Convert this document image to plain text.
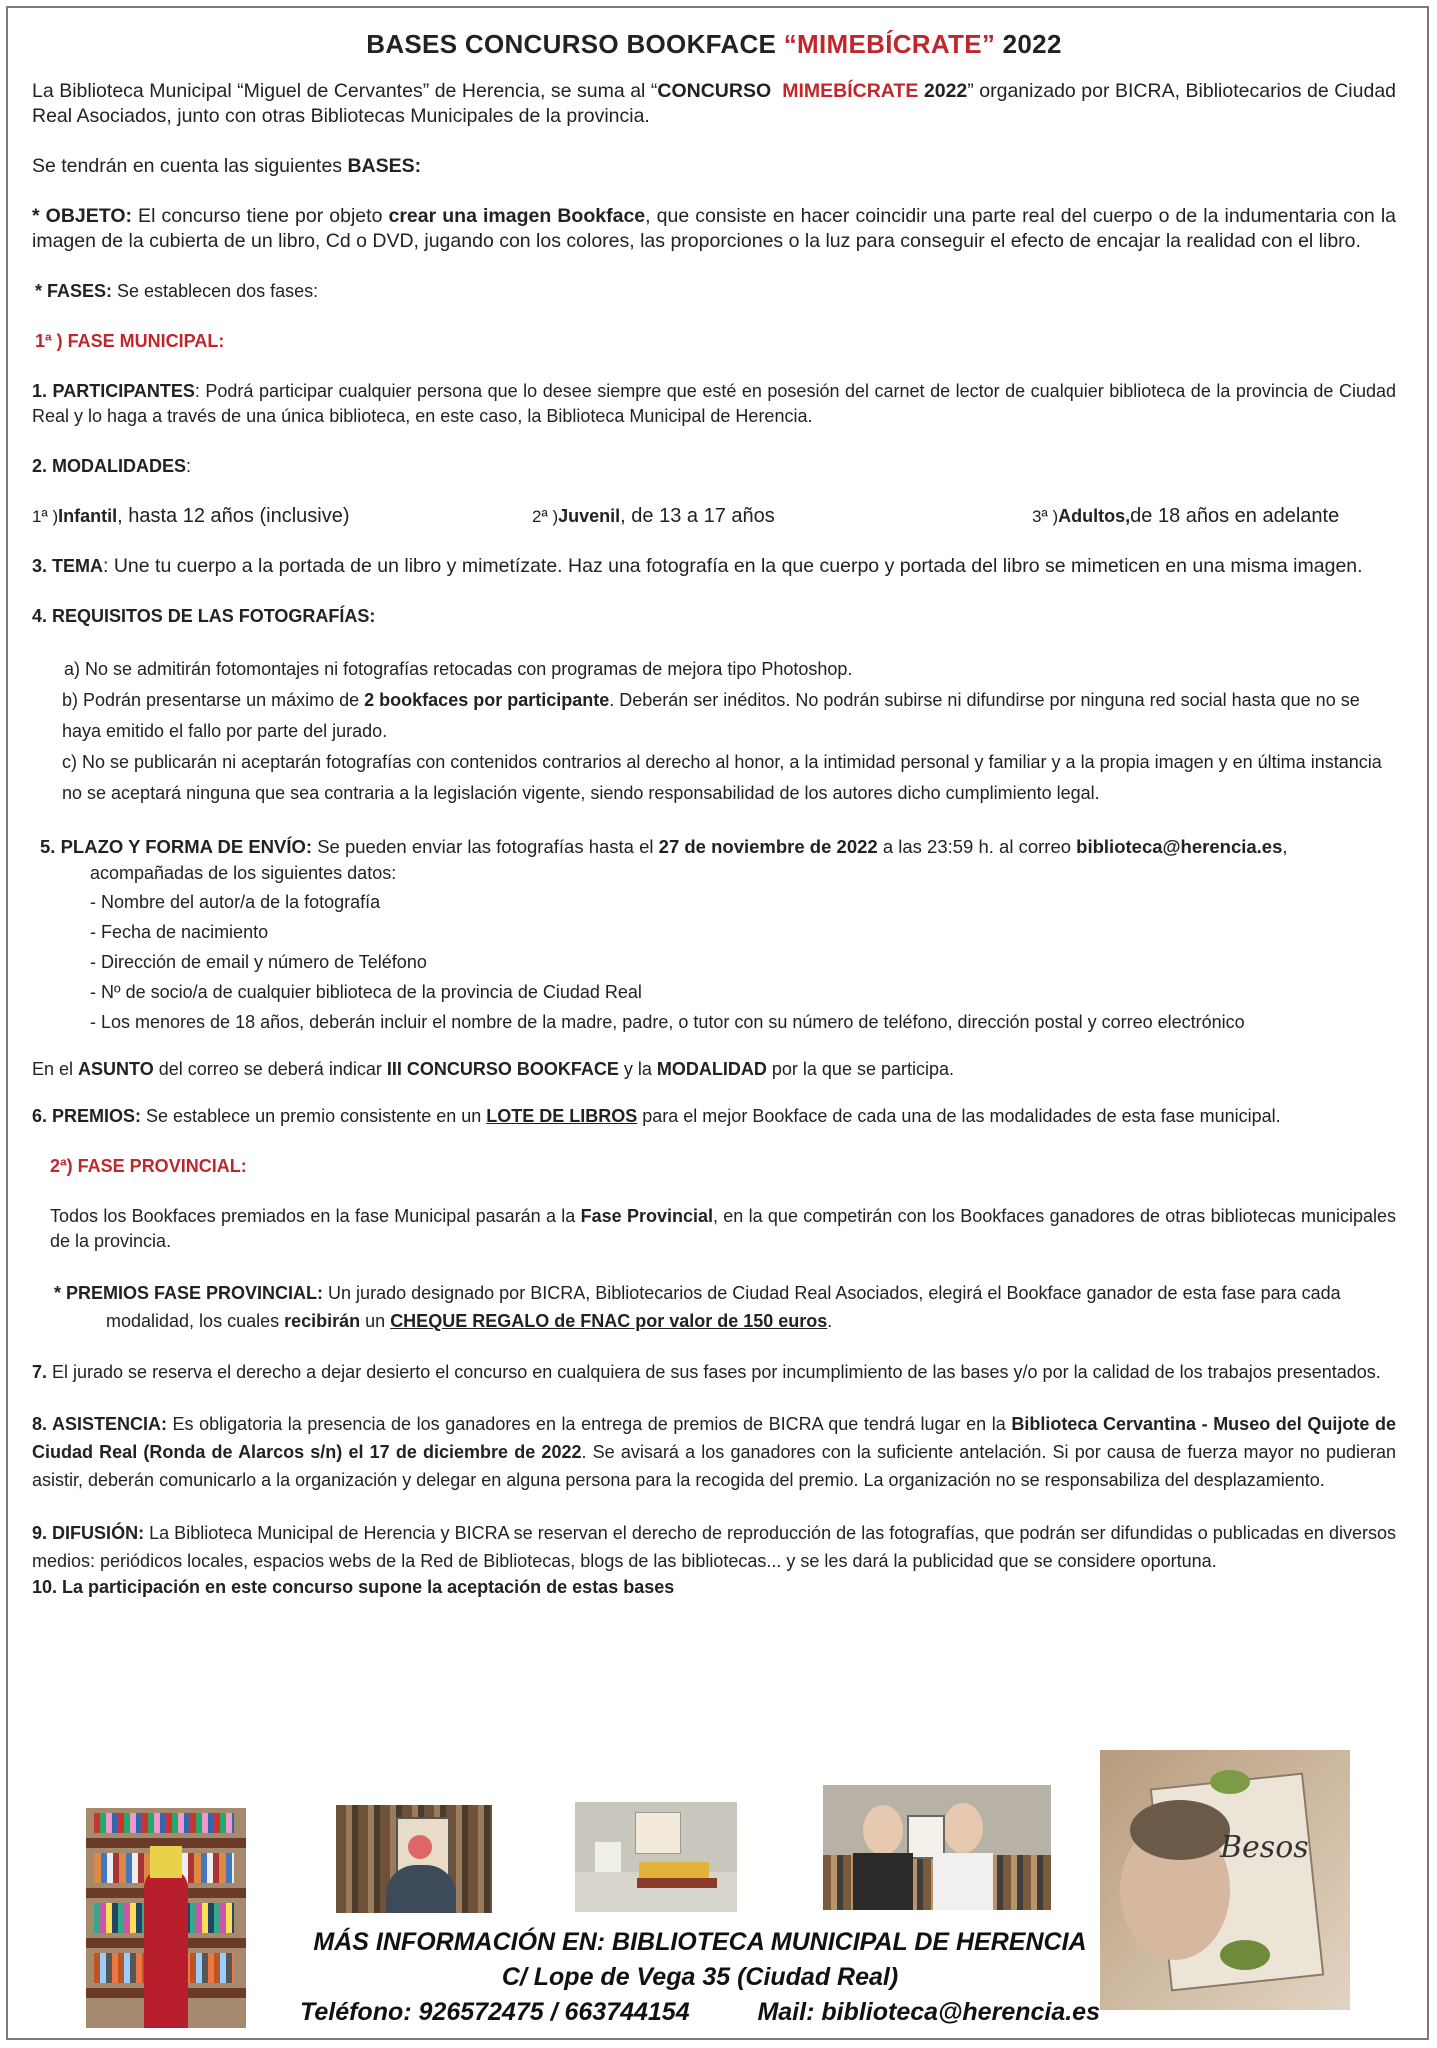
BASES CONCURSO BOOKFACE “MIMEBÍCRATE” 2022

La Biblioteca Municipal “Miguel de Cervantes” de Herencia, se suma al “CONCURSO MIMEBÍCRATE 2022” organizado por BICRA, Bibliotecarios de Ciudad Real Asociados, junto con otras Bibliotecas Municipales de la provincia.

Se tendrán en cuenta las siguientes BASES:

* OBJETO: El concurso tiene por objeto crear una imagen Bookface, que consiste en hacer coincidir una parte real del cuerpo o de la indumentaria con la imagen de la cubierta de un libro, Cd o DVD, jugando con los colores, las proporciones o la luz para conseguir el efecto de encajar la realidad con el libro.

* FASES: Se establecen dos fases:

1ª ) FASE MUNICIPAL:

1. PARTICIPANTES: Podrá participar cualquier persona que lo desee siempre que esté en posesión del carnet de lector de cualquier biblioteca de la provincia de Ciudad Real y lo haga a través de una única biblioteca, en este caso, la Biblioteca Municipal de Herencia.

2. MODALIDADES:

1ª )Infantil, hasta 12 años (inclusive)	2ª )Juvenil, de 13 a 17 años	3ª )Adultos,de 18 años en adelante

3. TEMA: Une tu cuerpo a la portada de un libro y mimetízate. Haz una fotografía en la que cuerpo y portada del libro se mimeticen en una misma imagen.

4. REQUISITOS DE LAS FOTOGRAFÍAS:

a) No se admitirán fotomontajes ni fotografías retocadas con programas de mejora tipo Photoshop.

b) Podrán presentarse un máximo de 2 bookfaces por participante. Deberán ser inéditos. No podrán subirse ni difundirse por ninguna red social hasta que no se haya emitido el fallo por parte del jurado.

c) No se publicarán ni aceptarán fotografías con contenidos contrarios al derecho al honor, a la intimidad personal y familiar y a la propia imagen y en última instancia no se aceptará ninguna que sea contraria a la legislación vigente, siendo responsabilidad de los autores dicho cumplimiento legal.

5. PLAZO Y FORMA DE ENVÍO: Se pueden enviar las fotografías hasta el 27 de noviembre de 2022 a las 23:59 h. al correo biblioteca@herencia.es,

acompañadas de los siguientes datos:

- Nombre del autor/a de la fotografía

- Fecha de nacimiento

- Dirección de email y número de Teléfono

- Nº de socio/a de cualquier biblioteca de la provincia de Ciudad Real

- Los menores de 18 años, deberán incluir el nombre de la madre, padre, o tutor con su número de teléfono, dirección postal y correo electrónico

En el ASUNTO del correo se deberá indicar III CONCURSO BOOKFACE y la MODALIDAD por la que se participa.

6. PREMIOS: Se establece un premio consistente en un LOTE DE LIBROS para el mejor Bookface de cada una de las modalidades de esta fase municipal.

2ª) FASE PROVINCIAL:

Todos los Bookfaces premiados en la fase Municipal pasarán a la Fase Provincial, en la que competirán con los Bookfaces ganadores de otras bibliotecas municipales de la provincia.

* PREMIOS FASE PROVINCIAL: Un jurado designado por BICRA, Bibliotecarios de Ciudad Real Asociados, elegirá el Bookface ganador de esta fase para cada

modalidad, los cuales recibirán un CHEQUE REGALO de FNAC por valor de 150 euros.

7. El jurado se reserva el derecho a dejar desierto el concurso en cualquiera de sus fases por incumplimiento de las bases y/o por la calidad de los trabajos presentados.

8. ASISTENCIA: Es obligatoria la presencia de los ganadores en la entrega de premios de BICRA que tendrá lugar en la Biblioteca Cervantina - Museo del Quijote de Ciudad Real (Ronda de Alarcos s/n) el 17 de diciembre de 2022. Se avisará a los ganadores con la suficiente antelación. Si por causa de fuerza mayor no pudieran asistir, deberán comunicarlo a la organización y delegar en alguna persona para la recogida del premio. La organización no se responsabiliza del desplazamiento.

9. DIFUSIÓN: La Biblioteca Municipal de Herencia y BICRA se reservan el derecho de reproducción de las fotografías, que podrán ser difundidas o publicadas en diversos medios: periódicos locales, espacios webs de la Red de Bibliotecas, blogs de las bibliotecas... y se les dará la publicidad que se considere oportuna.

10. La participación en este concurso supone la aceptación de estas bases

Besos
MÁS INFORMACIÓN EN: BIBLIOTECA MUNICIPAL DE HERENCIA
C/ Lope de Vega 35 (Ciudad Real)
Teléfono: 926572475 / 663744154	Mail: biblioteca@herencia.es
